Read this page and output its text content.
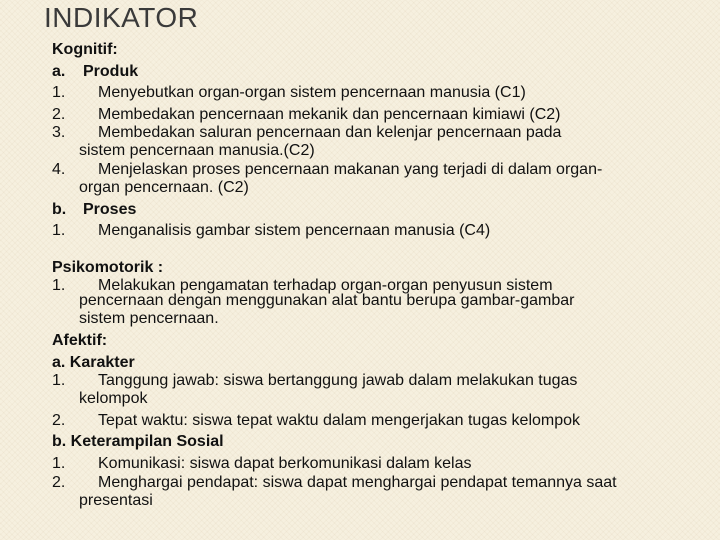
INDIKATOR
Kognitif:
a. Produk
1. Menyebutkan organ-organ sistem pencernaan manusia (C1)
2. Membedakan pencernaan mekanik dan pencernaan kimiawi (C2)
3. Membedakan saluran pencernaan dan kelenjar pencernaan pada
sistem pencernaan manusia.(C2)
4. Menjelaskan proses pencernaan makanan yang terjadi di dalam organ-
organ pencernaan. (C2)
b. Proses
1. Menganalisis gambar sistem pencernaan manusia (C4)
Psikomotorik :
1. Melakukan pengamatan terhadap organ-organ penyusun sistem
pencernaan dengan menggunakan alat bantu berupa gambar-gambar
sistem pencernaan.
Afektif:
a. Karakter
1. Tanggung jawab: siswa bertanggung jawab dalam melakukan tugas
kelompok
2. Tepat waktu: siswa tepat waktu dalam mengerjakan tugas kelompok
b. Keterampilan Sosial
1. Komunikasi: siswa dapat berkomunikasi dalam kelas
2. Menghargai pendapat: siswa dapat menghargai pendapat temannya saat
presentasi
